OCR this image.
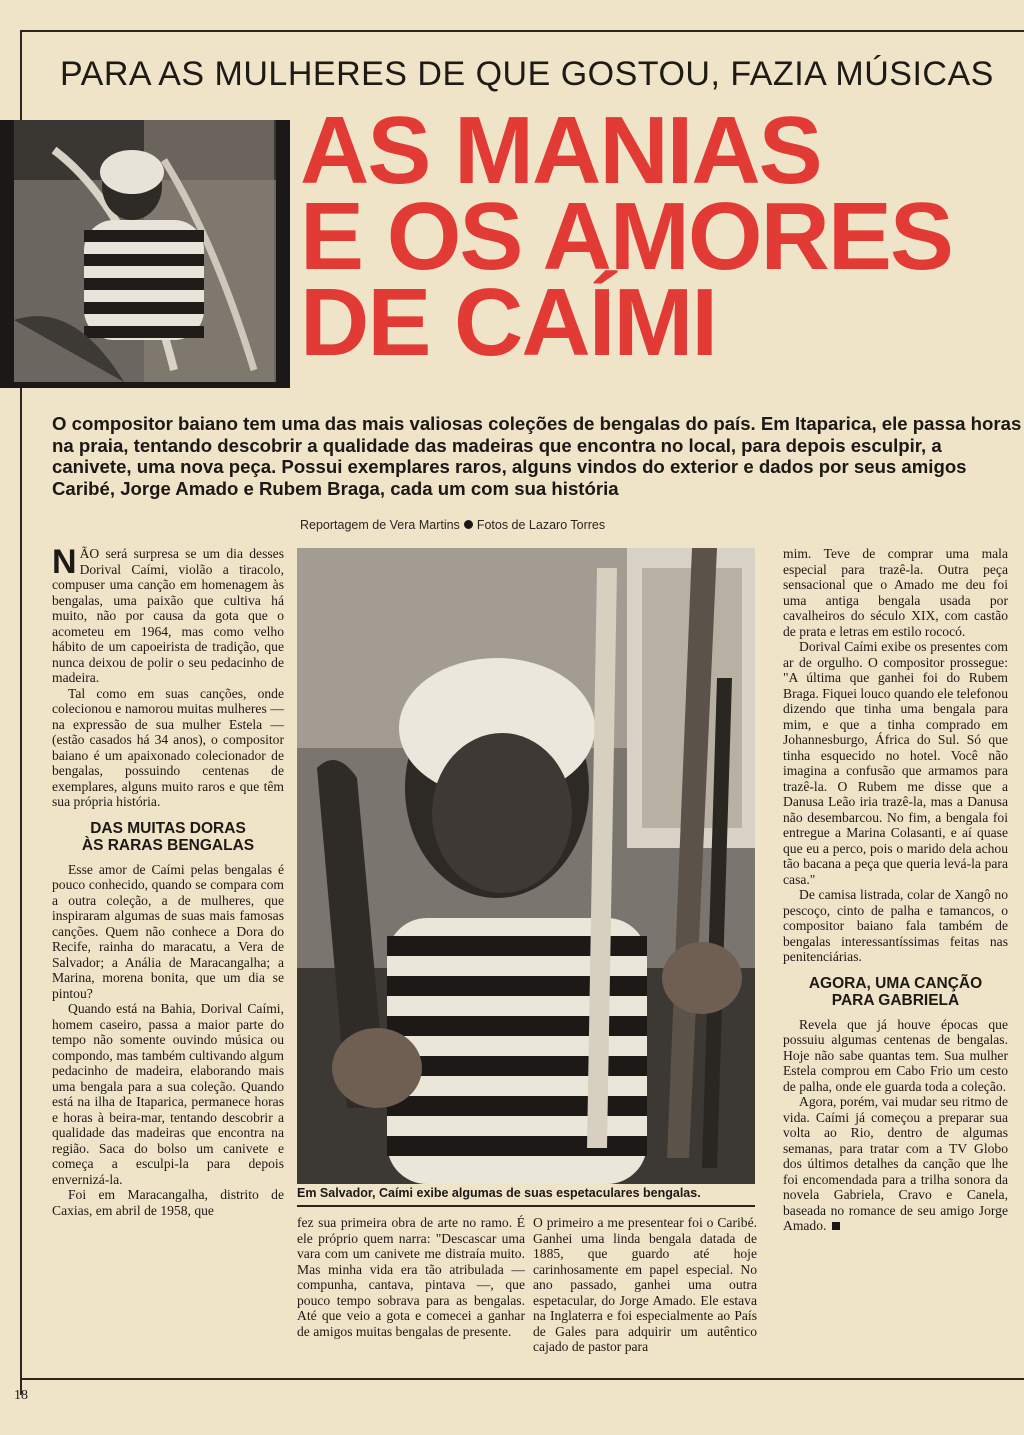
PARA AS MULHERES DE QUE GOSTOU, FAZIA MÚSICAS
AS MANIAS
E OS AMORES
DE CAÍMI
O compositor baiano tem uma das mais valiosas coleções de bengalas do país. Em Itaparica, ele passa horas na praia, tentando descobrir a qualidade das madeiras que encontra no local, para depois esculpir, a canivete, uma nova peça. Possui exemplares raros, alguns vindos do exterior e dados por seus amigos Caribé, Jorge Amado e Rubem Braga, cada um com sua história
Reportagem de Vera Martins Fotos de Lazaro Torres

NÃO será surpresa se um dia desses Dorival Caími, violão a tiracolo, compuser uma canção em homenagem às bengalas, uma paixão que cultiva há muito, não por causa da gota que o acometeu em 1964, mas como velho hábito de um capoeirista de tradição, que nunca deixou de polir o seu pedacinho de madeira.

Tal como em suas canções, onde colecionou e namorou muitas mulheres — na expressão de sua mulher Estela — (estão casados há 34 anos), o compositor baiano é um apaixonado colecionador de bengalas, possuindo centenas de exemplares, alguns muito raros e que têm sua própria história.

DAS MUITAS DORAS
ÀS RARAS BENGALAS

Esse amor de Caími pelas bengalas é pouco conhecido, quando se compara com a outra coleção, a de mulheres, que inspiraram algumas de suas mais famosas canções. Quem não conhece a Dora do Recife, rainha do maracatu, a Vera de Salvador; a Anália de Maracangalha; a Marina, morena bonita, que um dia se pintou?

Quando está na Bahia, Dorival Caími, homem caseiro, passa a maior parte do tempo não somente ouvindo música ou compondo, mas também cultivando algum pedacinho de madeira, elaborando mais uma bengala para a sua coleção. Quando está na ilha de Itaparica, permanece horas e horas à beira-mar, tentando descobrir a qualidade das madeiras que encontra na região. Saca do bolso um canivete e começa a esculpi-la para depois envernizá-la.

Foi em Maracangalha, distrito de Caxias, em abril de 1958, que

Em Salvador, Caími exibe algumas de suas espetaculares bengalas.

fez sua primeira obra de arte no ramo. É ele próprio quem narra: "Descascar uma vara com um canivete me distraía muito. Mas minha vida era tão atribulada — compunha, cantava, pintava —, que pouco tempo sobrava para as bengalas. Até que veio a gota e comecei a ganhar de amigos muitas bengalas de presente.

O primeiro a me presentear foi o Caribé. Ganhei uma linda bengala datada de 1885, que guardo até hoje carinhosamente em papel especial. No ano passado, ganhei uma outra espetacular, do Jorge Amado. Ele estava na Inglaterra e foi especialmente ao País de Gales para adquirir um autêntico cajado de pastor para

mim. Teve de comprar uma mala especial para trazê-la. Outra peça sensacional que o Amado me deu foi uma antiga bengala usada por cavalheiros do século XIX, com castão de prata e letras em estilo rococó.

Dorival Caími exibe os presentes com ar de orgulho. O compositor prossegue: "A última que ganhei foi do Rubem Braga. Fiquei louco quando ele telefonou dizendo que tinha uma bengala para mim, e que a tinha comprado em Johannesburgo, África do Sul. Só que tinha esquecido no hotel. Você não imagina a confusão que armamos para trazê-la. O Rubem me disse que a Danusa Leão iria trazê-la, mas a Danusa não desembarcou. No fim, a bengala foi entregue a Marina Colasanti, e aí quase que eu a perco, pois o marido dela achou tão bacana a peça que queria levá-la para casa."

De camisa listrada, colar de Xangô no pescoço, cinto de palha e tamancos, o compositor baiano fala também de bengalas interessantíssimas feitas nas penitenciárias.

AGORA, UMA CANÇÃO
PARA GABRIELA

Revela que já houve épocas que possuiu algumas centenas de bengalas. Hoje não sabe quantas tem. Sua mulher Estela comprou em Cabo Frio um cesto de palha, onde ele guarda toda a coleção.

Agora, porém, vai mudar seu ritmo de vida. Caími já começou a preparar sua volta ao Rio, dentro de algumas semanas, para tratar com a TV Globo dos últimos detalhes da canção que lhe foi encomendada para a trilha sonora da novela Gabriela, Cravo e Canela, baseada no romance de seu amigo Jorge Amado.

18
